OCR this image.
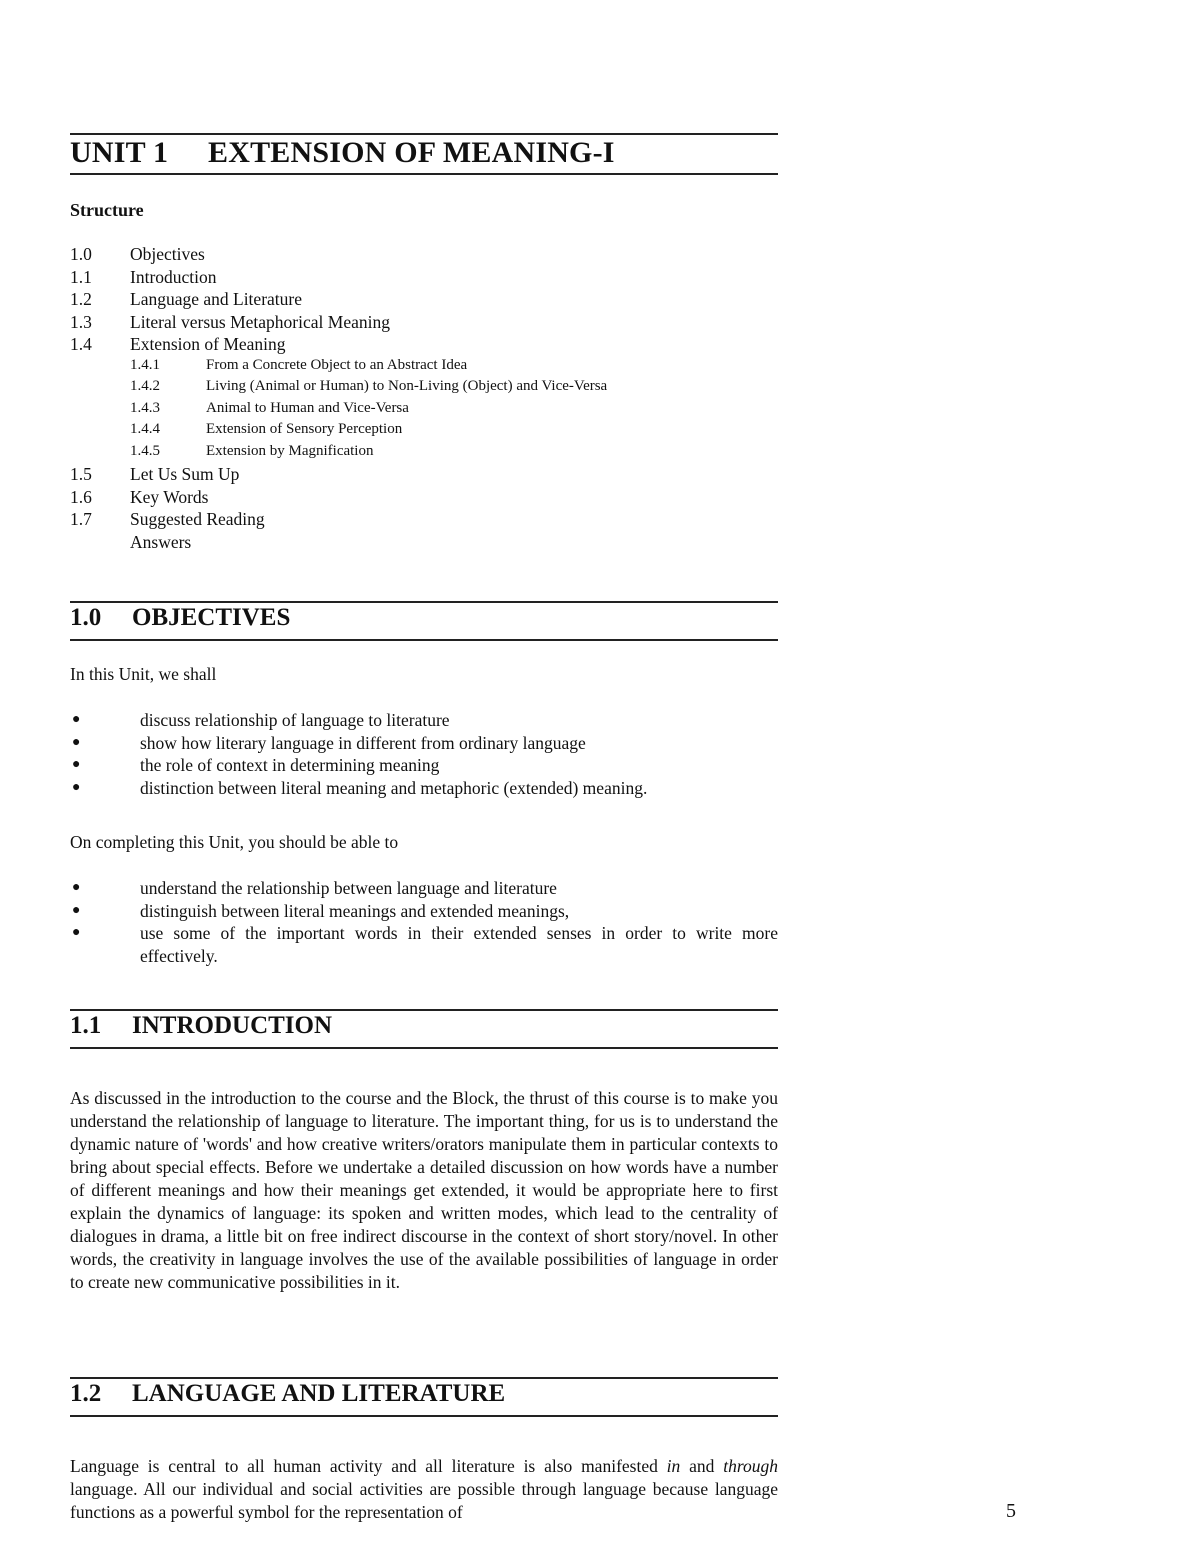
UNIT 1 EXTENSION OF MEANING-I
Structure
1.0	Objectives
1.1	Introduction
1.2	Language and Literature
1.3	Literal versus Metaphorical Meaning
1.4	Extension of Meaning
1.4.1	From a Concrete Object to an Abstract Idea
1.4.2	Living (Animal or Human) to Non-Living (Object) and Vice-Versa
1.4.3	Animal to Human and Vice-Versa
1.4.4	Extension of Sensory Perception
1.4.5	Extension by Magnification
1.5	Let Us Sum Up
1.6	Key Words
1.7	Suggested Reading
Answers
1.0 OBJECTIVES
In this Unit, we shall
●	discuss relationship of language to literature
●	show how literary language in different from ordinary language
●	the role of context in determining meaning
●	distinction between literal meaning and metaphoric (extended) meaning.
On completing this Unit, you should be able to
●	understand the relationship between language and literature
●	distinguish between literal meanings and extended meanings,
●	use some of the important words in their extended senses in order to write more effectively.
1.1 INTRODUCTION
As discussed in the introduction to the course and the Block, the thrust of this course is to make you understand the relationship of language to literature. The important thing, for us is to understand the dynamic nature of 'words' and how creative writers/orators manipulate them in particular contexts to bring about special effects. Before we undertake a detailed discussion on how words have a number of different meanings and how their meanings get extended, it would be appropriate here to first explain the dynamics of language: its spoken and written modes, which lead to the centrality of dialogues in drama, a little bit on free indirect discourse in the context of short story/novel. In other words, the creativity in language involves the use of the available possibilities of language in order to create new communicative possibilities in it.
1.2 LANGUAGE AND LITERATURE
Language is central to all human activity and all literature is also manifested in and through language. All our individual and social activities are possible through language because language functions as a powerful symbol for the representation of	5
